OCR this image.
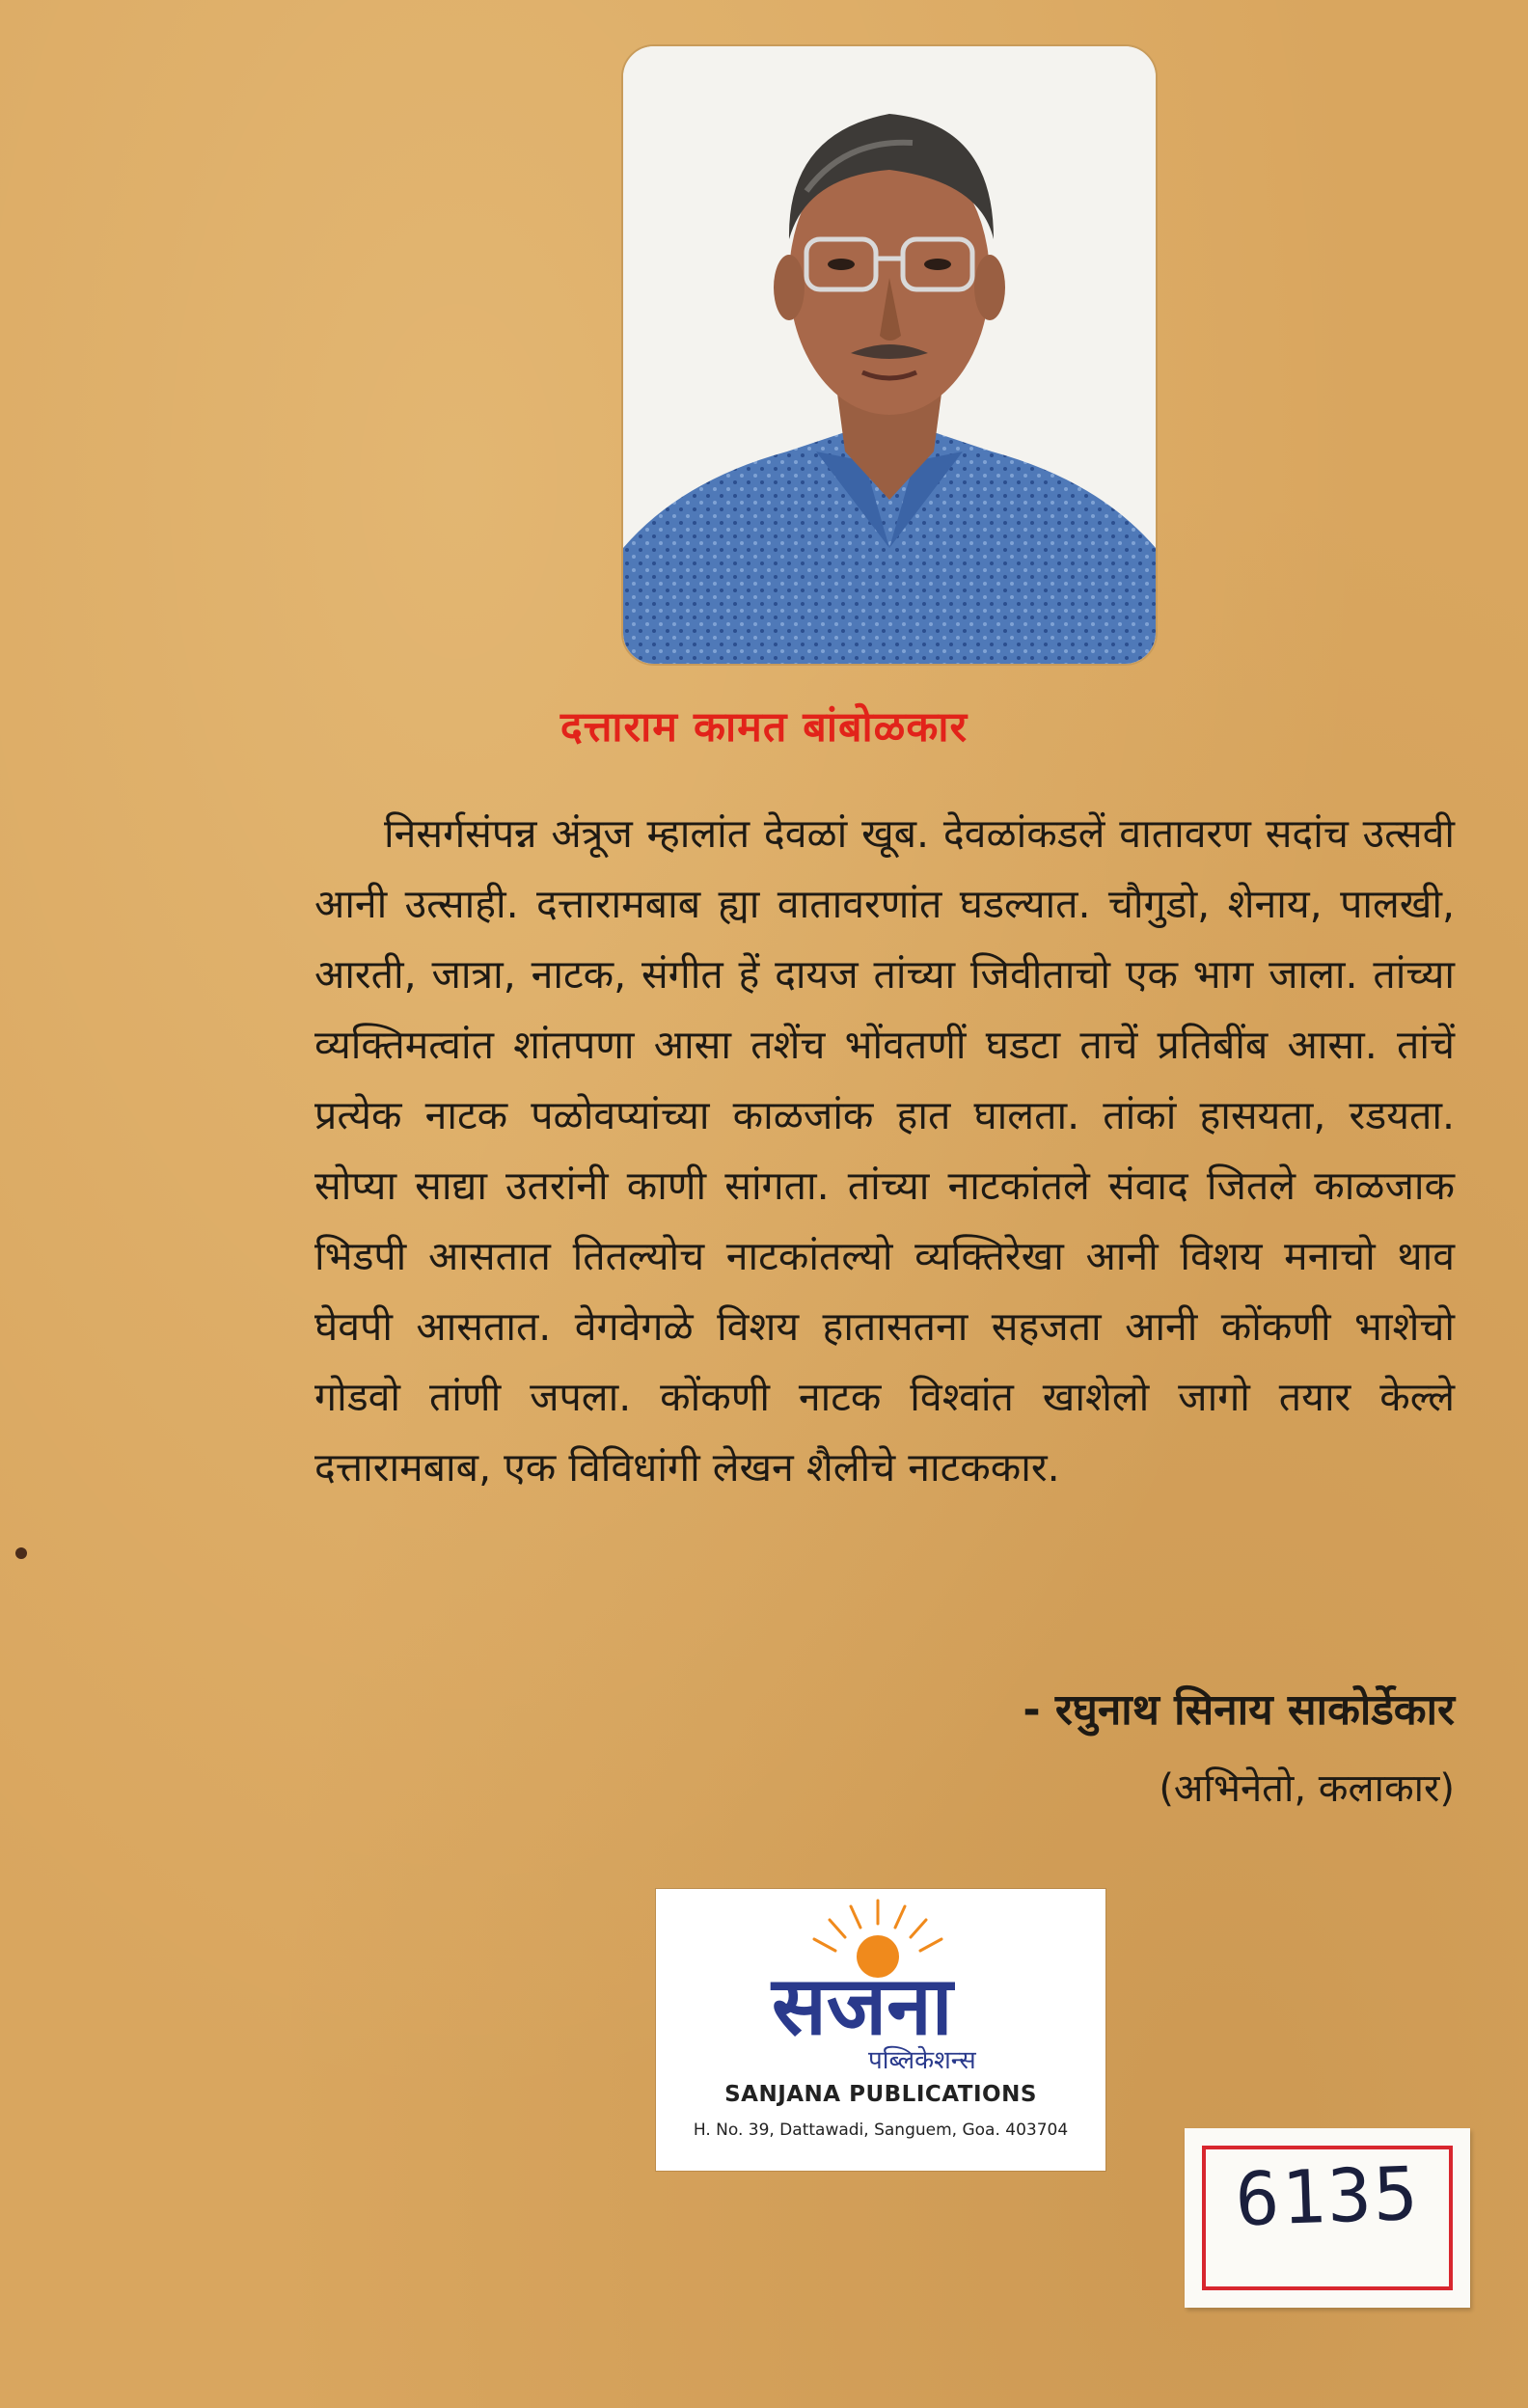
दत्ताराम कामत बांबोळकार

निसर्गसंपन्न अंत्रूज म्हालांत देवळां खूब. देवळांकडलें वातावरण सदांच उत्सवी आनी उत्साही. दत्तारामबाब ह्या वातावरणांत घडल्यात. चौगुडो, शेनाय, पालखी, आरती, जात्रा, नाटक, संगीत हें दायज तांच्या जिवीताचो एक भाग जाला. तांच्या व्यक्तिमत्वांत शांतपणा आसा तशेंच भोंवतणीं घडटा ताचें प्रतिबींब आसा. तांचें प्रत्येक नाटक पळोवप्यांच्या काळजांक हात घालता. तांकां हासयता, रडयता. सोप्या साद्या उतरांनी काणी सांगता. तांच्या नाटकांतले संवाद जितले काळजाक भिडपी आसतात तितल्योच नाटकांतल्यो व्यक्तिरेखा आनी विशय मनाचो थाव घेवपी आसतात. वेगवेगळे विशय हातासतना सहजता आनी कोंकणी भाशेचो गोडवो तांणी जपला. कोंकणी नाटक विश्वांत खाशेलो जागो तयार केल्ले दत्तारामबाब, एक विविधांगी लेखन शैलीचे नाटककार.

- रघुनाथ सिनाय साकोर्डेकार
(अभिनेतो, कलाकार)
सजना
पब्लिकेशन्स
SANJANA PUBLICATIONS
H. No. 39, Dattawadi, Sanguem, Goa. 403704
6135
